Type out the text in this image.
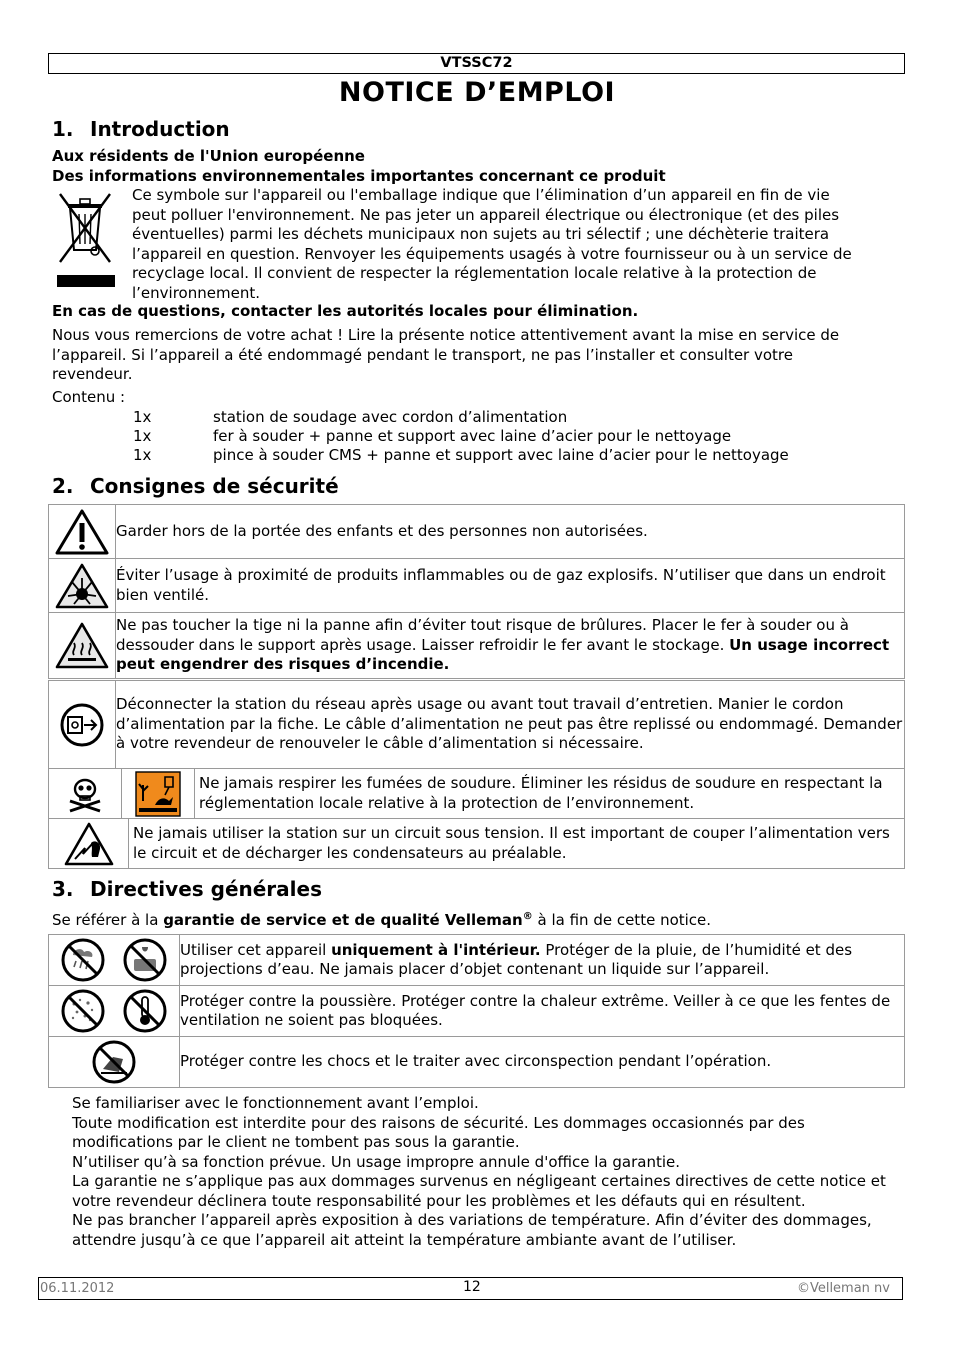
VTSSC72
NOTICE D’EMPLOI
1. Introduction

Aux résidents de l'Union européenne

Des informations environnementales importantes concernant ce produit

Ce symbole sur l'appareil ou l'emballage indique que l’élimination d’un appareil en fin de vie

peut polluer l'environnement. Ne pas jeter un appareil électrique ou électronique (et des piles

éventuelles) parmi les déchets municipaux non sujets au tri sélectif ; une déchèterie traitera

l’appareil en question. Renvoyer les équipements usagés à votre fournisseur ou à un service de

recyclage local. Il convient de respecter la réglementation locale relative à la protection de

l’environnement.

En cas de questions, contacter les autorités locales pour élimination.

Nous vous remercions de votre achat ! Lire la présente notice attentivement avant la mise en service de

l’appareil. Si l’appareil a été endommagé pendant le transport, ne pas l’installer et consulter votre

revendeur.

Contenu :

1x	station de soudage avec cordon d’alimentation
1x	fer à souder + panne et support avec laine d’acier pour le nettoyage
1x	pince à souder CMS + panne et support avec laine d’acier pour le nettoyage
2. Consignes de sécurité
	Garder hors de la portée des enfants et des personnes non autorisées.

	Éviter l’usage à proximité de produits inflammables ou de gaz explosifs. N’utiliser que dans un endroit bien ventilé.

	Ne pas toucher la tige ni la panne afin d’éviter tout risque de brûlures. Placer le fer à souder ou à dessouder dans le support après usage. Laisser refroidir le fer avant le stockage. Un usage incorrect peut engendrer des risques d’incendie.
	Déconnecter la station du réseau après usage ou avant tout travail d’entretien. Manier le cordon d’alimentation par la fiche. Le câble d’alimentation ne peut pas être replissé ou endommagé. Demander à votre revendeur de renouveler le câble d’alimentation si nécessaire.

	Ne jamais respirer les fumées de soudure. Éliminer les résidus de soudure en respectant la réglementation locale relative à la protection de l’environnement.
	Ne jamais utiliser la station sur un circuit sous tension. Il est important de couper l’alimentation vers le circuit et de décharger les condensateurs au préalable.
3. Directives générales

Se référer à la garantie de service et de qualité Velleman® à la fin de cette notice.

	Utiliser cet appareil uniquement à l'intérieur. Protéger de la pluie, de l’humidité et des projections d’eau. Ne jamais placer d’objet contenant un liquide sur l’appareil.

	Protéger contre la poussière. Protéger contre la chaleur extrême. Veiller à ce que les fentes de ventilation ne soient pas bloquées.

	Protéger contre les chocs et le traiter avec circonspection pendant l’opération.

Se familiariser avec le fonctionnement avant l’emploi.

Toute modification est interdite pour des raisons de sécurité. Les dommages occasionnés par des modifications par le client ne tombent pas sous la garantie.

N’utiliser qu’à sa fonction prévue. Un usage impropre annule d'office la garantie.

La garantie ne s’applique pas aux dommages survenus en négligeant certaines directives de cette notice et votre revendeur déclinera toute responsabilité pour les problèmes et les défauts qui en résultent.

Ne pas brancher l’appareil après exposition à des variations de température. Afin d’éviter des dommages, attendre jusqu’à ce que l’appareil ait atteint la température ambiante avant de l’utiliser.

06.11.2012	12	©Velleman nv
